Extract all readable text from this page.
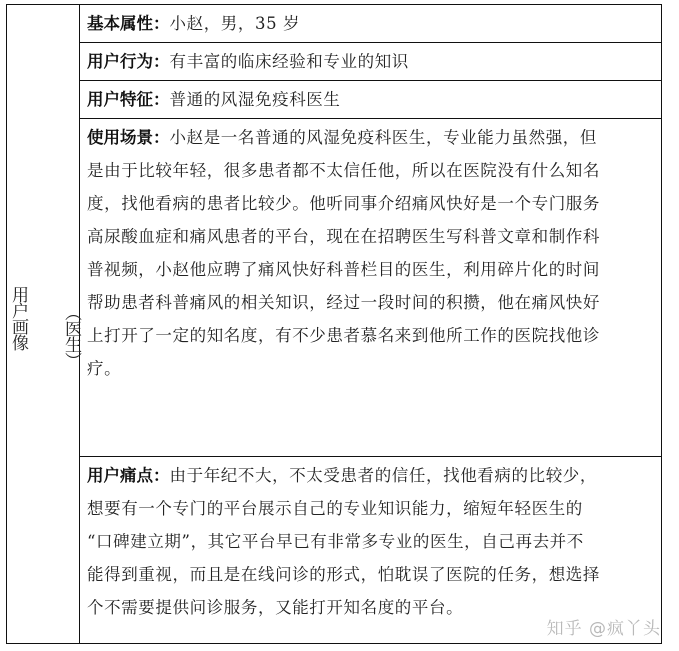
用户画像 （医生）
基本属性：小赵，男，35 岁
用户行为：有丰富的临床经验和专业的知识
用户特征：普通的风湿免疫科医生
使用场景：小赵是一名普通的风湿免疫科医生，专业能力虽然强，但
是由于比较年轻，很多患者都不太信任他，所以在医院没有什么知名
度，找他看病的患者比较少。他听同事介绍痛风快好是一个专门服务
高尿酸血症和痛风患者的平台，现在在招聘医生写科普文章和制作科
普视频，小赵他应聘了痛风快好科普栏目的医生，利用碎片化的时间
帮助患者科普痛风的相关知识，经过一段时间的积攒，他在痛风快好
上打开了一定的知名度，有不少患者慕名来到他所工作的医院找他诊
疗。
用户痛点：由于年纪不大，不太受患者的信任，找他看病的比较少，
想要有一个专门的平台展示自己的专业知识能力，缩短年轻医生的
“口碑建立期”，其它平台早已有非常多专业的医生，自己再去并不
能得到重视，而且是在线问诊的形式，怕耽误了医院的任务，想选择
个不需要提供问诊服务，又能打开知名度的平台。
知乎 @疯丫头
